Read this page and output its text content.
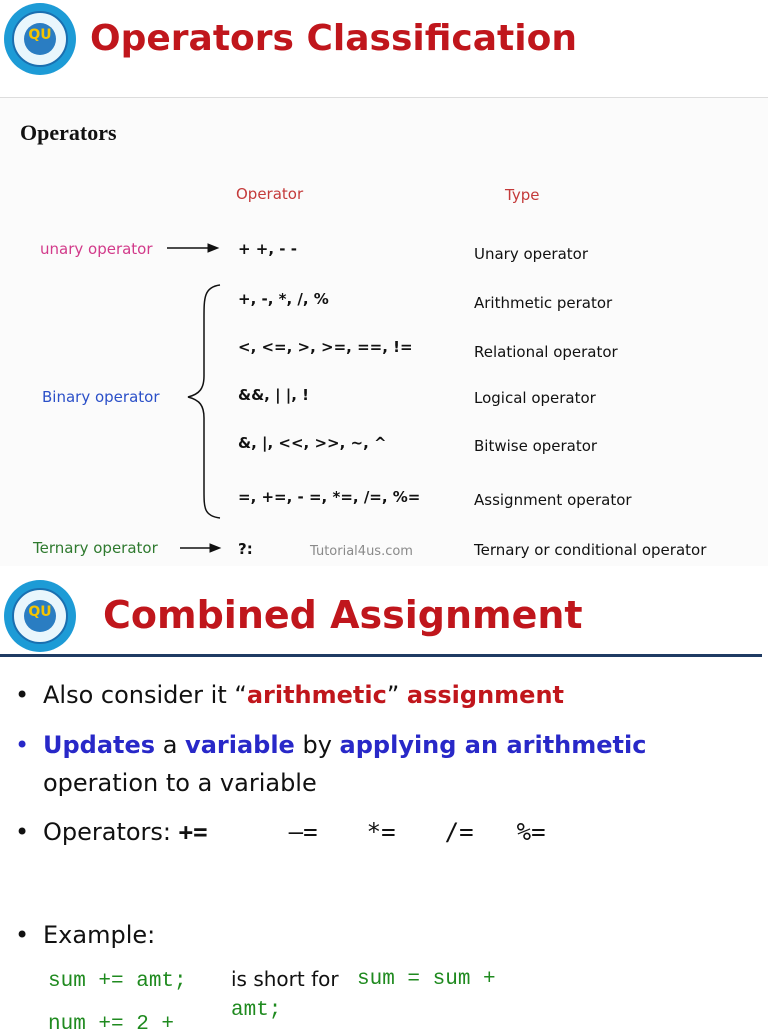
QU	Operators Classification
Operators
Operator	Type
+ +, - -	Unary operator
+, -, *, /, %	Arithmetic perator
<, <=, >, >=, ==, !=	Relational operator
&&, | |, !	Logical operator
&, |, <<, >>, ~, ^	Bitwise operator
=, +=, - =, *=, /=, %=	Assignment operator
?:	Ternary or conditional operator
unary operator
Binary operator
Ternary operator	Tutorial4us.com
QU	Combined Assignment
• Also consider it “arithmetic” assignment
• Updates a variable by applying an arithmetic
operation to a variable
• Operators: +=	–= *= /= %=
• Example:
sum += amt; is short for sum = sum +
amt;
num += 2 +
